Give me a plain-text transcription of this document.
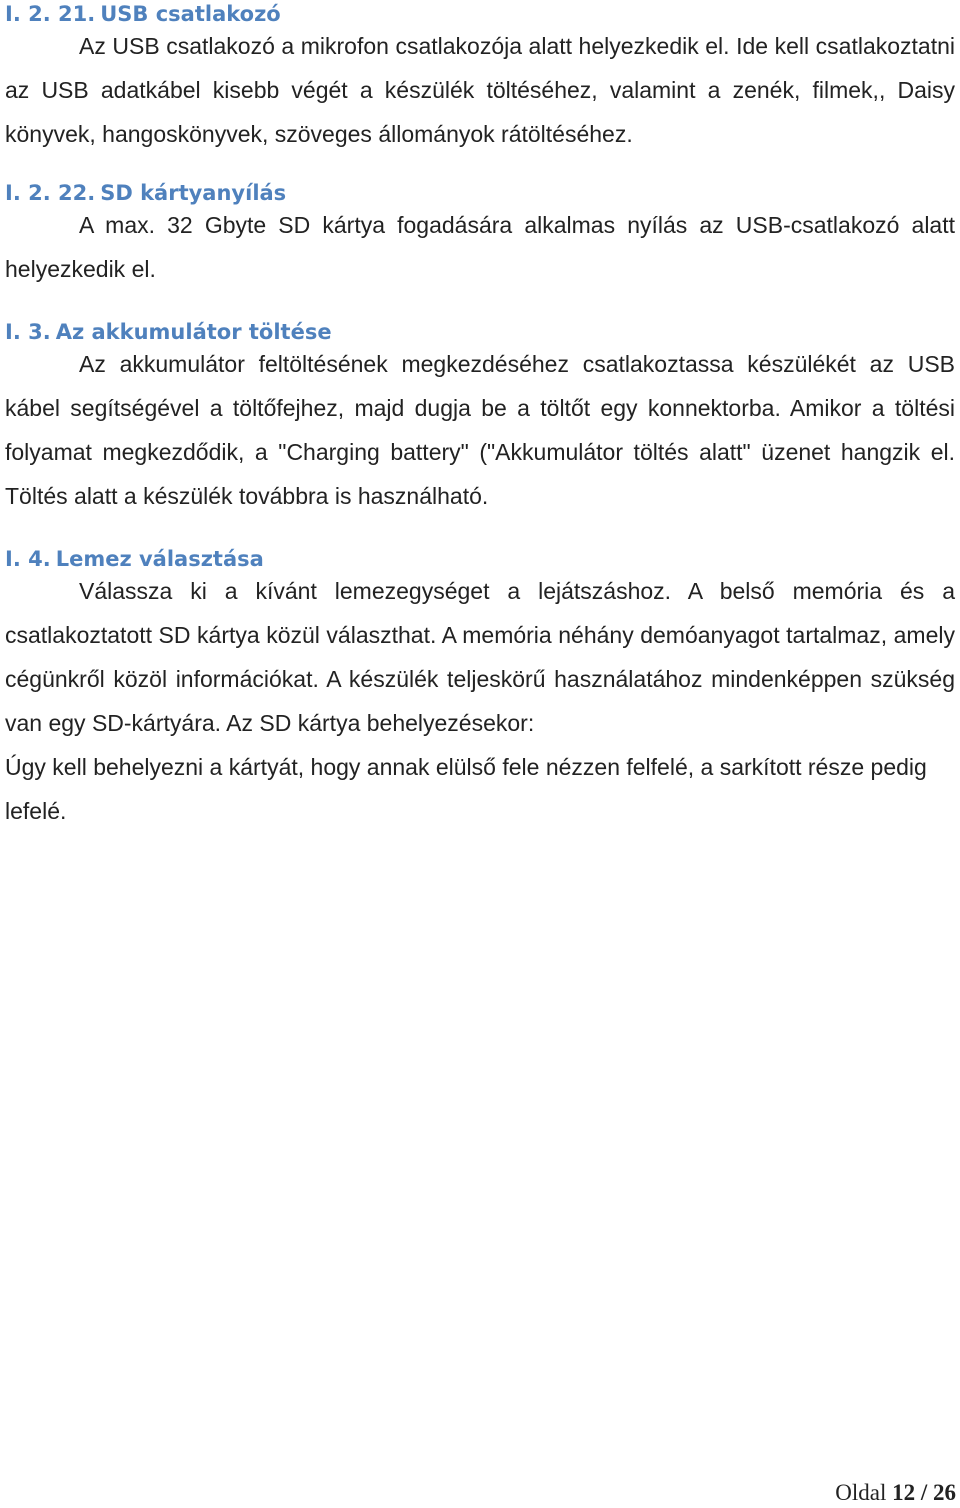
I. 2. 21. USB csatlakozó
Az USB csatlakozó a mikrofon csatlakozója alatt helyezkedik el. Ide kell csatlakoztatni az USB adatkábel kisebb végét a készülék töltéséhez, valamint a zenék, filmek,, Daisy könyvek, hangoskönyvek, szöveges állományok rátöltéséhez.
I. 2. 22. SD kártyanyílás
A max. 32 Gbyte SD kártya fogadására alkalmas nyílás az USB-csatlakozó alatt helyezkedik el.
I. 3. Az akkumulátor töltése
Az akkumulátor feltöltésének megkezdéséhez csatlakoztassa készülékét az USB kábel segítségével a töltőfejhez, majd dugja be a töltőt egy konnektorba. Amikor a töltési folyamat megkezdődik, a "Charging battery" ("Akkumulátor töltés alatt" üzenet hangzik el. Töltés alatt a készülék továbbra is használható.
I. 4. Lemez választása
Válassza ki a kívánt lemezegységet a lejátszáshoz. A belső memória és a csatlakoztatott SD kártya közül választhat. A memória néhány demóanyagot tartalmaz, amely cégünkről közöl információkat. A készülék teljeskörű használatához mindenképpen szükség van egy SD-kártyára. Az SD kártya behelyezésekor:
Úgy kell behelyezni a kártyát, hogy annak elülső fele nézzen felfelé, a sarkított része pedig lefelé.
Oldal 12 / 26
